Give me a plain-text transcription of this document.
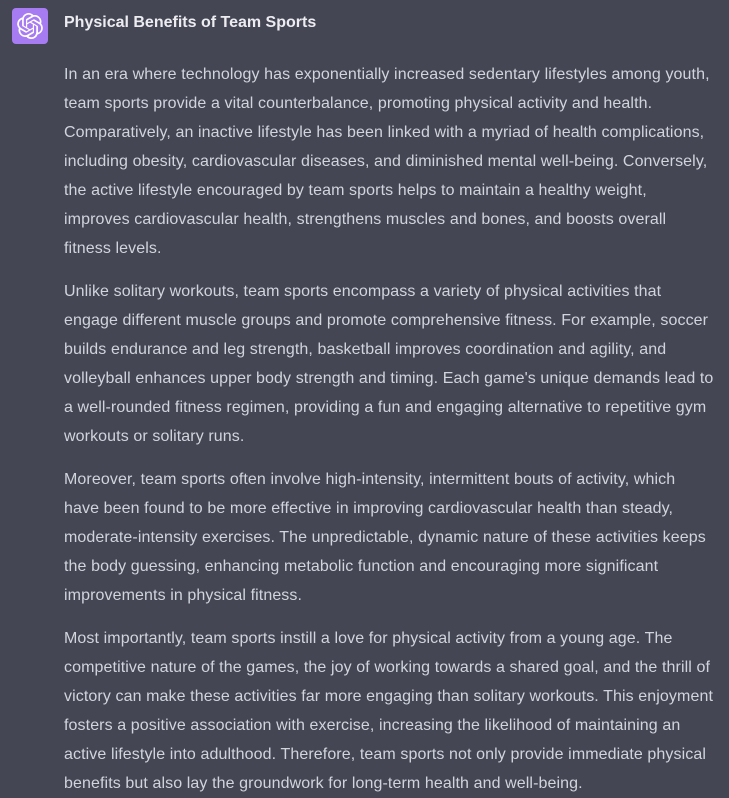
Physical Benefits of Team Sports

In an era where technology has exponentially increased sedentary lifestyles among youth, team sports provide a vital counterbalance, promoting physical activity and health. Comparatively, an inactive lifestyle has been linked with a myriad of health complications, including obesity, cardiovascular diseases, and diminished mental well-being. Conversely, the active lifestyle encouraged by team sports helps to maintain a healthy weight, improves cardiovascular health, strengthens muscles and bones, and boosts overall fitness levels.

Unlike solitary workouts, team sports encompass a variety of physical activities that engage different muscle groups and promote comprehensive fitness. For example, soccer builds endurance and leg strength, basketball improves coordination and agility, and volleyball enhances upper body strength and timing. Each game's unique demands lead to a well-rounded fitness regimen, providing a fun and engaging alternative to repetitive gym workouts or solitary runs.

Moreover, team sports often involve high-intensity, intermittent bouts of activity, which have been found to be more effective in improving cardiovascular health than steady, moderate-intensity exercises. The unpredictable, dynamic nature of these activities keeps the body guessing, enhancing metabolic function and encouraging more significant improvements in physical fitness.

Most importantly, team sports instill a love for physical activity from a young age. The competitive nature of the games, the joy of working towards a shared goal, and the thrill of victory can make these activities far more engaging than solitary workouts. This enjoyment fosters a positive association with exercise, increasing the likelihood of maintaining an active lifestyle into adulthood. Therefore, team sports not only provide immediate physical benefits but also lay the groundwork for long-term health and well-being.
